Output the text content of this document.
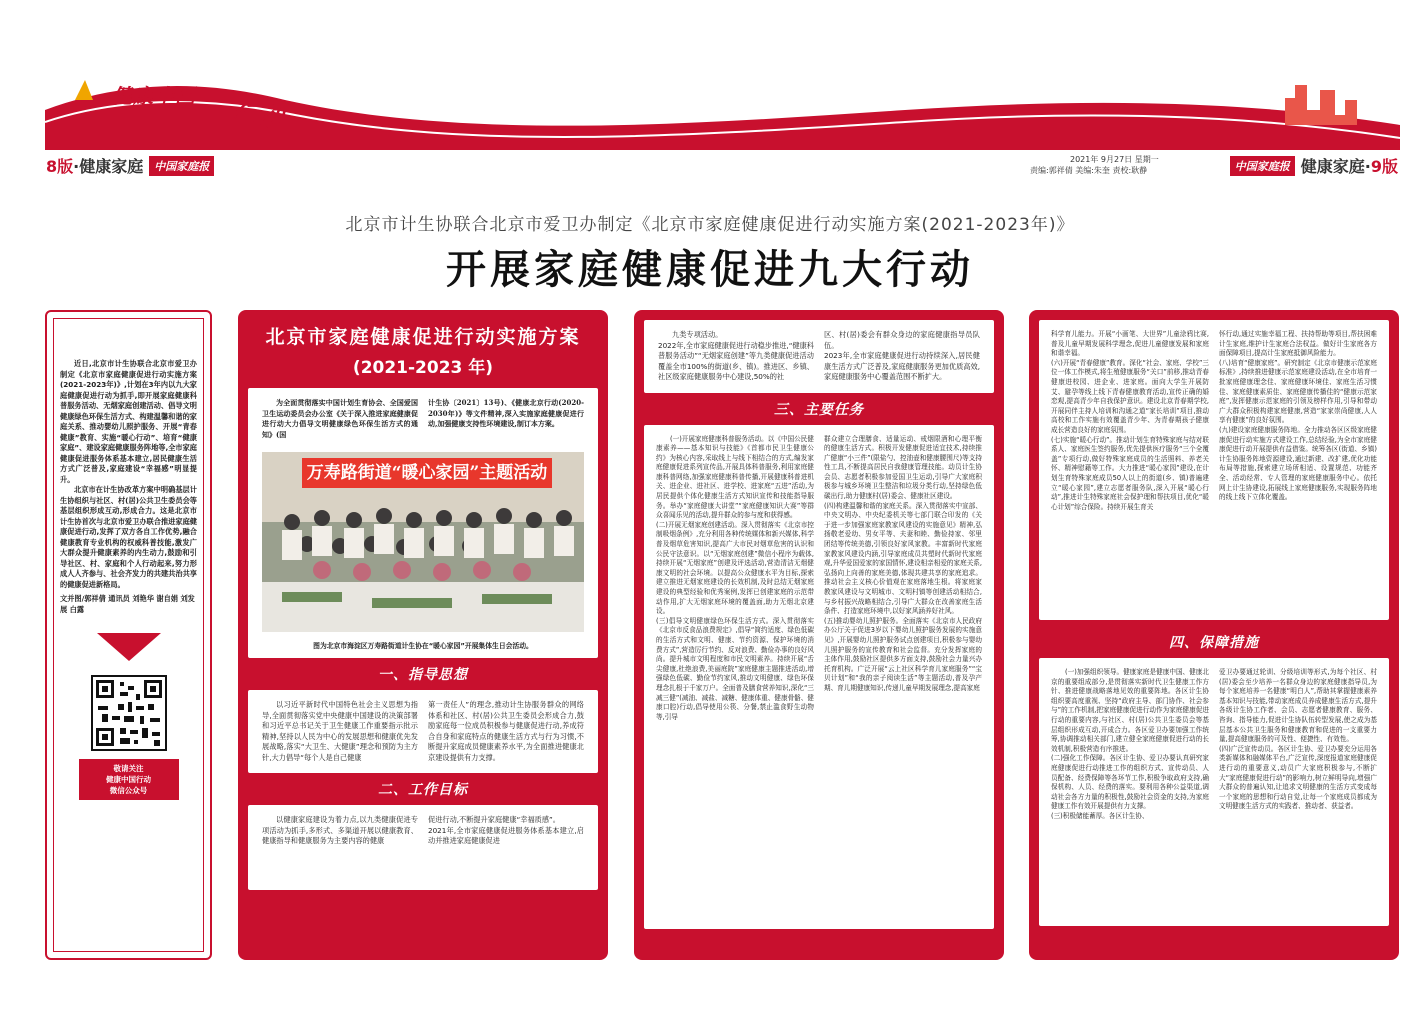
健康中国
行动
8版·健康家庭 中国家庭报
2021年 9月27日 星期一
责编:郭祥倩 美编:朱奎 责校:耿静	中国家庭报 健康家庭·9版
北京市计生协联合北京市爱卫办制定《北京市家庭健康促进行动实施方案(2021-2023年)》
开展家庭健康促进九大行动

近日,北京市计生协联合北京市爱卫办制定《北京市家庭健康促进行动实施方案(2021-2023年)》,计划在3年内以九大家庭健康促进行动为抓手,即开展家庭健康科普服务活动、无烟家庭创建活动、倡导文明健康绿色环保生活方式、构建温馨和谐的家庭关系、推动婴幼儿照护服务、开展“青春健康”教育、实施“暖心行动”、培育“健康家庭”、建设家庭健康服务阵地等,全市家庭健康促进服务体系基本建立,居民健康生活方式广泛普及,家庭建设“幸福感”明显提升。

北京市在计生协改革方案中明确基层计生协组织与社区、村(居)公共卫生委员会等基层组织形成互动,形成合力。这是北京市计生协首次与北京市爱卫办联合推进家庭健康促进行动,发挥了双方各自工作优势,融合健康教育专业机构的权威科普技能,激发广大群众提升健康素养的内生动力,鼓励和引导社区、村、家庭和个人行动起来,努力形成人人齐参与、社会齐发力的共建共治共享的健康促进新格局。

文并图/郭祥倩 通讯员 刘艳华 谢自娟 刘发展 白露
敬请关注
健康中国行动
微信公众号
北京市家庭健康促进行动实施方案
(2021-2023 年)

为全面贯彻落实中国计划生育协会、全国爱国卫生运动委员会办公室《关于深入推进家庭健康促进行动大力倡导文明健康绿色环保生活方式的通知》(国

计生协〔2021〕13号)、《健康北京行动(2020-2030年)》等文件精神,深入实施家庭健康促进行动,加强健康支持性环境建设,制订本方案。

万寿路街道“暖心家园”主题活动
图为北京市海淀区万寿路街道计生协在“暖心家园”开展集体生日会活动。
一、指导思想

以习近平新时代中国特色社会主义思想为指导,全面贯彻落实党中央健康中国建设的决策部署和习近平总书记关于卫生健康工作重要指示批示精神,坚持以人民为中心的发展思想和健康优先发展战略,落实“大卫生、大健康”理念和预防为主方针,大力倡导“每个人是自己健康

第一责任人”的理念,推动计生协服务群众的网络体系和社区、村(居)公共卫生委员会形成合力,鼓励家庭每一位成员积极参与健康促进行动,养成符合自身和家庭特点的健康生活方式与行为习惯,不断提升家庭成员健康素养水平,为全面推进健康北京建设提供有力支撑。

二、工作目标

以健康家庭建设为着力点,以九类健康促进专项活动为抓手,多形式、多渠道开展以健康教育、健康指导和健康服务为主要内容的健康

促进行动,不断提升家庭健康“幸福质感”。
2021年,全市家庭健康促进服务体系基本建立,启动并推进家庭健康促进

九类专项活动。
2022年,全市家庭健康促进行动稳步推进,“健康科普服务活动”“无烟家庭创建”等九类健康促进活动覆盖全市100%的街道(乡、镇)。推进区、乡镇、社区级家庭健康服务中心建设,50%的社

区、村(居)委会有群众身边的家庭健康指导员队伍。
2023年,全市家庭健康促进行动持续深入,居民健康生活方式广泛普及,家庭健康服务更加优质高效,家庭健康服务中心覆盖范围不断扩大。

三、主要任务

(一)开展家庭健康科普服务活动。以《中国公民健康素养——基本知识与技能》《首都市民卫生健康公约》为核心内容,采取线上与线下相结合的方式,编发家庭健康促进系列宣传品,开展具体科普服务,利用家庭健康科普网络,加强家庭健康科普传播,开展健康科普进机关、进企业、进社区、进学校、进家庭“五进”活动,为居民提供个体化健康生活方式知识宣传和技能指导服务。举办“家庭健康大讲堂”“家庭健康知识大赛”等群众喜闻乐见的活动,提升群众的参与度和获得感。
(二)开展无烟家庭创建活动。深入贯彻落实《北京市控制吸烟条例》,充分利用各种传统媒体和新兴媒体,科学普及烟草危害知识,提高广大市民对烟草危害的认识和公民守法意识。以“无烟家庭创建”微信小程序为载体,持续开展“无烟家庭”创建及评选活动,营造清洁无烟健康文明的社会环境。以提高公众健康水平为目标,探索建立推进无烟家庭建设的长效机制,及时总结无烟家庭建设的典型经验和优秀案例,发挥已创建家庭的示范带动作用,扩大无烟家庭环境的覆盖面,助力无烟北京建设。
(三)倡导文明健康绿色环保生活方式。深入贯彻落实《北京市反食品浪费规定》,倡导“简约适度、绿色低碳的生活方式和文明、健康、节约资源、保护环境的消费方式”,营造厉行节约、反对浪费、勤俭办事的良好风尚。提升城市文明程度和市民文明素养。持续开展“舌尖健康,杜绝浪费,美丽庭院”家庭健康主题推进活动,增强绿色低碳、勤俭节约家风,推动文明健康、绿色环保理念扎根于千家万户。全面普及膳食营养知识,深化“三减三健”(减油、减盐、减糖、健康体重、健康骨骼、健康口腔)行动,倡导使用公筷、分餐,禁止滥食野生动物等,引导

群众建立合理膳食、适量运动、戒烟限酒和心理平衡的健康生活方式。积极开发健康促进适宜技术,持续推广健康“小三件”(限盐勺、控油壶和健康腰围尺)等支持性工具,不断提高居民自我健康管理技能。动员计生协会员、志愿者积极参加爱国卫生运动,引导广大家庭积极参与城乡环境卫生整洁和垃圾分类行动,坚持绿色低碳出行,助力健康村(居)委会、健康社区建设。
(四)构建温馨和谐的家庭关系。深入贯彻落实中宣部、中央文明办、中央纪委机关等七部门联合印发的《关于进一步加强家庭家教家风建设的实施意见》精神,弘扬敬老爱幼、男女平等、夫妻和睦、勤俭持家、邻里团结等传统美德,引领良好家风家教。丰富新时代家庭家教家风建设内涵,引导家庭成员共塑时代新时代家庭观,升华爱国爱家的家国情怀,建设相亲相爱的家庭关系,弘扬向上向善的家庭美德,体现共建共享的家庭追求。推动社会主义核心价值观在家庭落地生根。将家庭家教家风建设与文明城市、文明村镇等创建活动相结合,与乡村振兴战略相结合,引导广大群众在改善家庭生活条件、打造家庭环境中,以好家风涵养好社风。
(五)推动婴幼儿照护服务。全面落实《北京市人民政府办公厅关于促进3岁以下婴幼儿照护服务发展的实施意见》,开展婴幼儿照护服务试点创建项目,积极参与婴幼儿照护服务的宣传教育和社会监督。充分发挥家庭的主体作用,鼓励社区提供多方面支持,鼓励社会力量兴办托育机构。广泛开展“云上社区科学育儿家庭服务”“宝贝计划”和“我的亲子阅读生活”等主题活动,普及孕产期、育儿期健康知识,传递儿童早期发展理念,提高家庭

科学育儿能力。开展“小画笔、大世界”儿童涂鸦比赛,普及儿童早期发展科学理念,促进儿童健康发展和家庭和谐幸福。
(六)开展“青春健康”教育。深化“社会、家庭、学校”三位一体工作模式,将生殖健康服务“关口”前移,推动青春健康进校园、进企业、进家庭。面向大学生开展防艾、避孕等线上线下青春健康教育活动,宣传正确的婚恋观,提高青少年自我保护意识。建设北京青春期学校,开展同伴主持人培训和沟通之道“家长培训”项目,推动高校和工作实施有效覆盖青少年、为青春期孩子健康成长营造良好的家庭氛围。
(七)实施“暖心行动”。推动计划生育特殊家庭与结对联系人、家庭医生签约服务,优先提供医疗服务“三个全覆盖”专项行动,做好特殊家庭成员的生活照料、养老关怀、精神慰藉等工作。大力推进“暖心家园”建设,在计划生育特殊家庭成员50人以上的街道(乡、镇)普遍建立“暖心家园”,建立志愿者服务队,深入开展“暖心行动”,推进计生特殊家庭社会保护理和帮扶项目,优化“暖心计划”综合保险。持续开展生育关

怀行动,通过实施幸福工程、扶持帮助等项目,帮扶困难计生家庭,维护计生家庭合法权益。做好计生家庭各方面保障项目,提高计生家庭抵御风险能力。
(八)培育“健康家庭”。研究制定《北京市健康示范家庭标准》,持续推进健康示范家庭建设活动,在全市培育一批家庭健康理念佳、家庭健康环境佳、家庭生活习惯佳、家庭健康素质佳、家庭健康传播佳的“健康示范家庭”,发挥健康示范家庭的引领及榜样作用,引导和带动广大群众积极构建家庭健康,营造“家家崇尚健康,人人享有健康”的良好氛围。
(九)建设家庭健康服务阵地。全力推动各区区级家庭健康促进行动实施方式建设工作,总结经验,为全市家庭健康促进行动开展提供有益借鉴。统筹各区(街道、乡镇)计生协服务阵地资源建设,通过新建、改扩建,优化功能布局等措施,探索建立场所相适、设置规范、功能齐全、活动经常、专人管理的家庭健康服务中心。依托网上计生协建设,拓展线上家庭健康服务,实现服务阵地的线上线下立体化覆盖。

四、保障措施

(一)加强组织领导。健康家庭是健康中国、健康北京的重要组成部分,是贯彻落实新时代卫生健康工作方针、推进健康战略落地见效的重要阵地。各区计生协组织要高度重视、坚持“政府主导、部门协作、社会参与”的工作机制,把家庭健康促进行动作为家庭健康促进行动的重要内容,与社区、村(居)公共卫生委员会等基层组织形成互动,开成合力。各区爱卫办要加强工作统筹,协调推动相关部门,建立健全家庭健康促进行动的长效机制,积极营造有序推进。
(二)强化工作保障。各区计生协、爱卫办要认真研究家庭健康促进行动推进工作的组织方式、宣传动员、人员配备、经费保障等各环节工作,积极争取政府支持,确保机构、人员、经费的落实。要利用各种公益渠道,调动社会各方力量的积极性,鼓励社会资金的支持,为家庭健康工作有效开展提供有力支撑。
(三)积极储能蓄厚。各区计生协、

爱卫办要通过轮训、分级培训等形式,为每个社区、村(居)委会至少培养一名群众身边的家庭健康指导员,为每个家庭培养一名健康“明白人”,帮助其掌握健康素养基本知识与技能,带动家庭成员养成健康生活方式,提升各级计生协工作者、会员、志愿者健康教育、服务、咨询、指导能力,促进计生协队伍转型发展,使之成为基层基本公共卫生服务和健康教育和促进的一支重要力量,提高健康服务的可及性、便捷性、有效性。
(四)广泛宣传动员。各区计生协、爱卫办要充分运用各类新媒体和融媒体平台,广泛宣传,深度报道家庭健康促进行动的重要意义,动员广大家庭积极参与,不断扩大“家庭健康促进行动”的影响力,树立鲜明导向,增强广大群众的普遍认知,让追求文明健康的生活方式变成每一个家庭的思想和行动自觉,让每一个家庭成员都成为文明健康生活方式的实践者、推动者、获益者。
